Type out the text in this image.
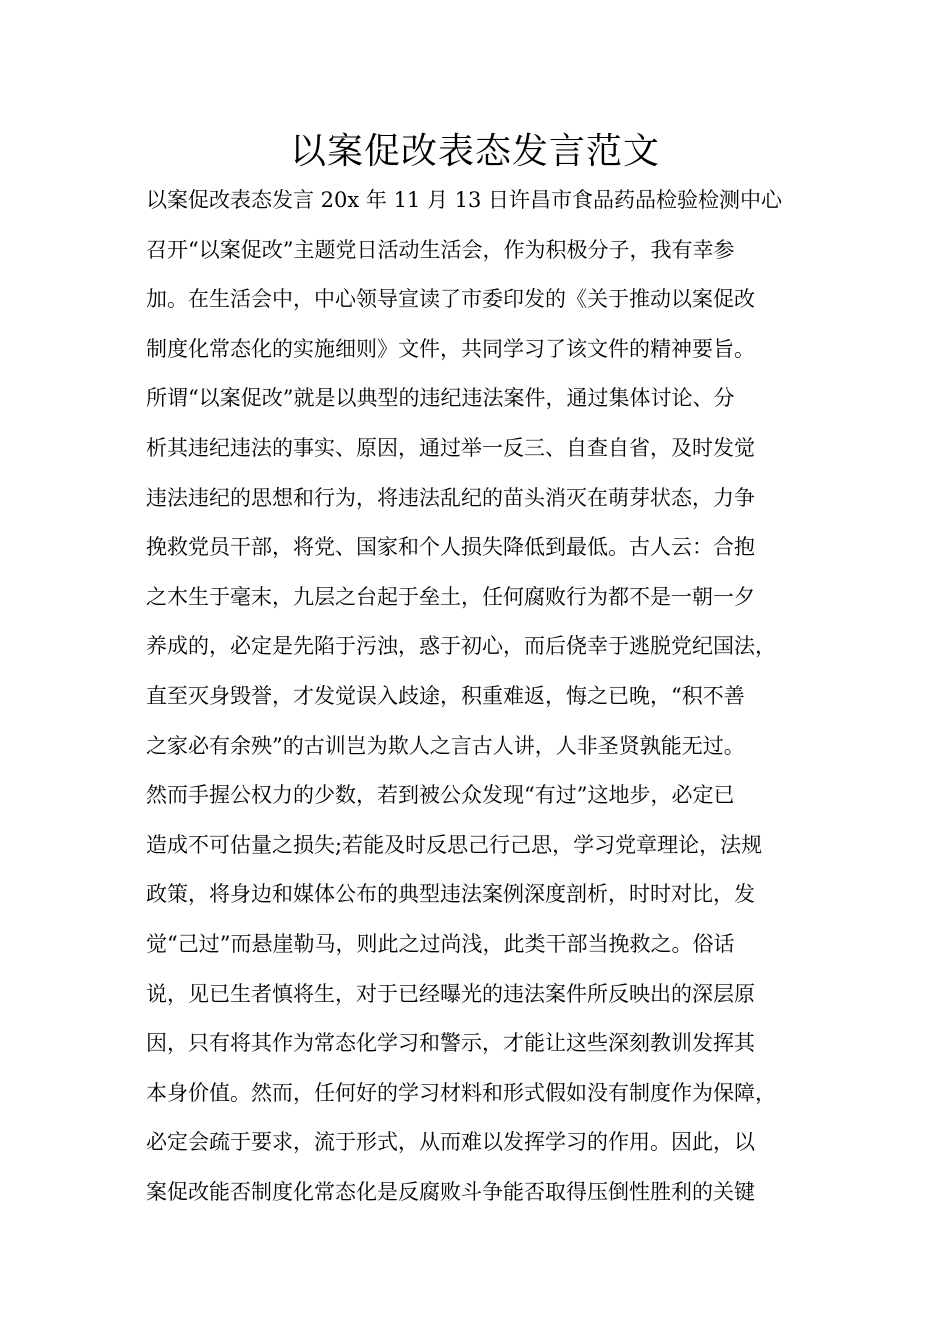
以案促改表态发言范文
以案促改表态发言 20x 年 11 月 13 日许昌市食品药品检验检测中心
召开“以案促改”主题党日活动生活会，作为积极分子，我有幸参
加。在生活会中，中心领导宣读了市委印发的《关于推动以案促改
制度化常态化的实施细则》文件，共同学习了该文件的精神要旨。
所谓“以案促改”就是以典型的违纪违法案件，通过集体讨论、分
析其违纪违法的事实、原因，通过举一反三、自查自省，及时发觉
违法违纪的思想和行为，将违法乱纪的苗头消灭在萌芽状态，力争
挽救党员干部，将党、国家和个人损失降低到最低。古人云：合抱
之木生于毫末，九层之台起于垒土，任何腐败行为都不是一朝一夕
养成的，必定是先陷于污浊，惑于初心，而后侥幸于逃脱党纪国法，
直至灭身毁誉，才发觉误入歧途，积重难返，悔之已晚，“积不善
之家必有余殃”的古训岂为欺人之言古人讲，人非圣贤孰能无过。
然而手握公权力的少数，若到被公众发现“有过”这地步，必定已
造成不可估量之损失;若能及时反思己行己思，学习党章理论，法规
政策，将身边和媒体公布的典型违法案例深度剖析，时时对比，发
觉“己过”而悬崖勒马，则此之过尚浅，此类干部当挽救之。俗话
说，见已生者慎将生，对于已经曝光的违法案件所反映出的深层原
因，只有将其作为常态化学习和警示，才能让这些深刻教训发挥其
本身价值。然而，任何好的学习材料和形式假如没有制度作为保障，
必定会疏于要求，流于形式，从而难以发挥学习的作用。因此，以
案促改能否制度化常态化是反腐败斗争能否取得压倒性胜利的关键
